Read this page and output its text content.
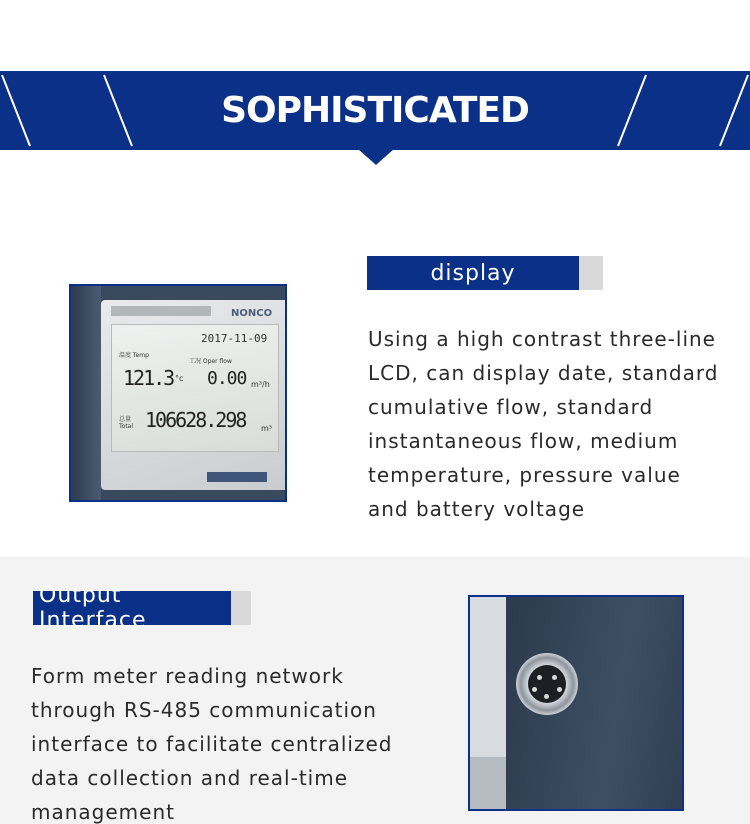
SOPHISTICATED
display
Using a high contrast three-line
LCD, can display date, standard
cumulative flow, standard
instantaneous flow, medium
temperature, pressure value
and battery voltage
NONCO
2017-11-09
温度 Temp
工况 Oper flow
121.3 °c 0.00 m³/h
总量 Total 106628.298 m³
Output Interface
Form meter reading network
through RS-485 communication
interface to facilitate centralized
data collection and real-time
management
